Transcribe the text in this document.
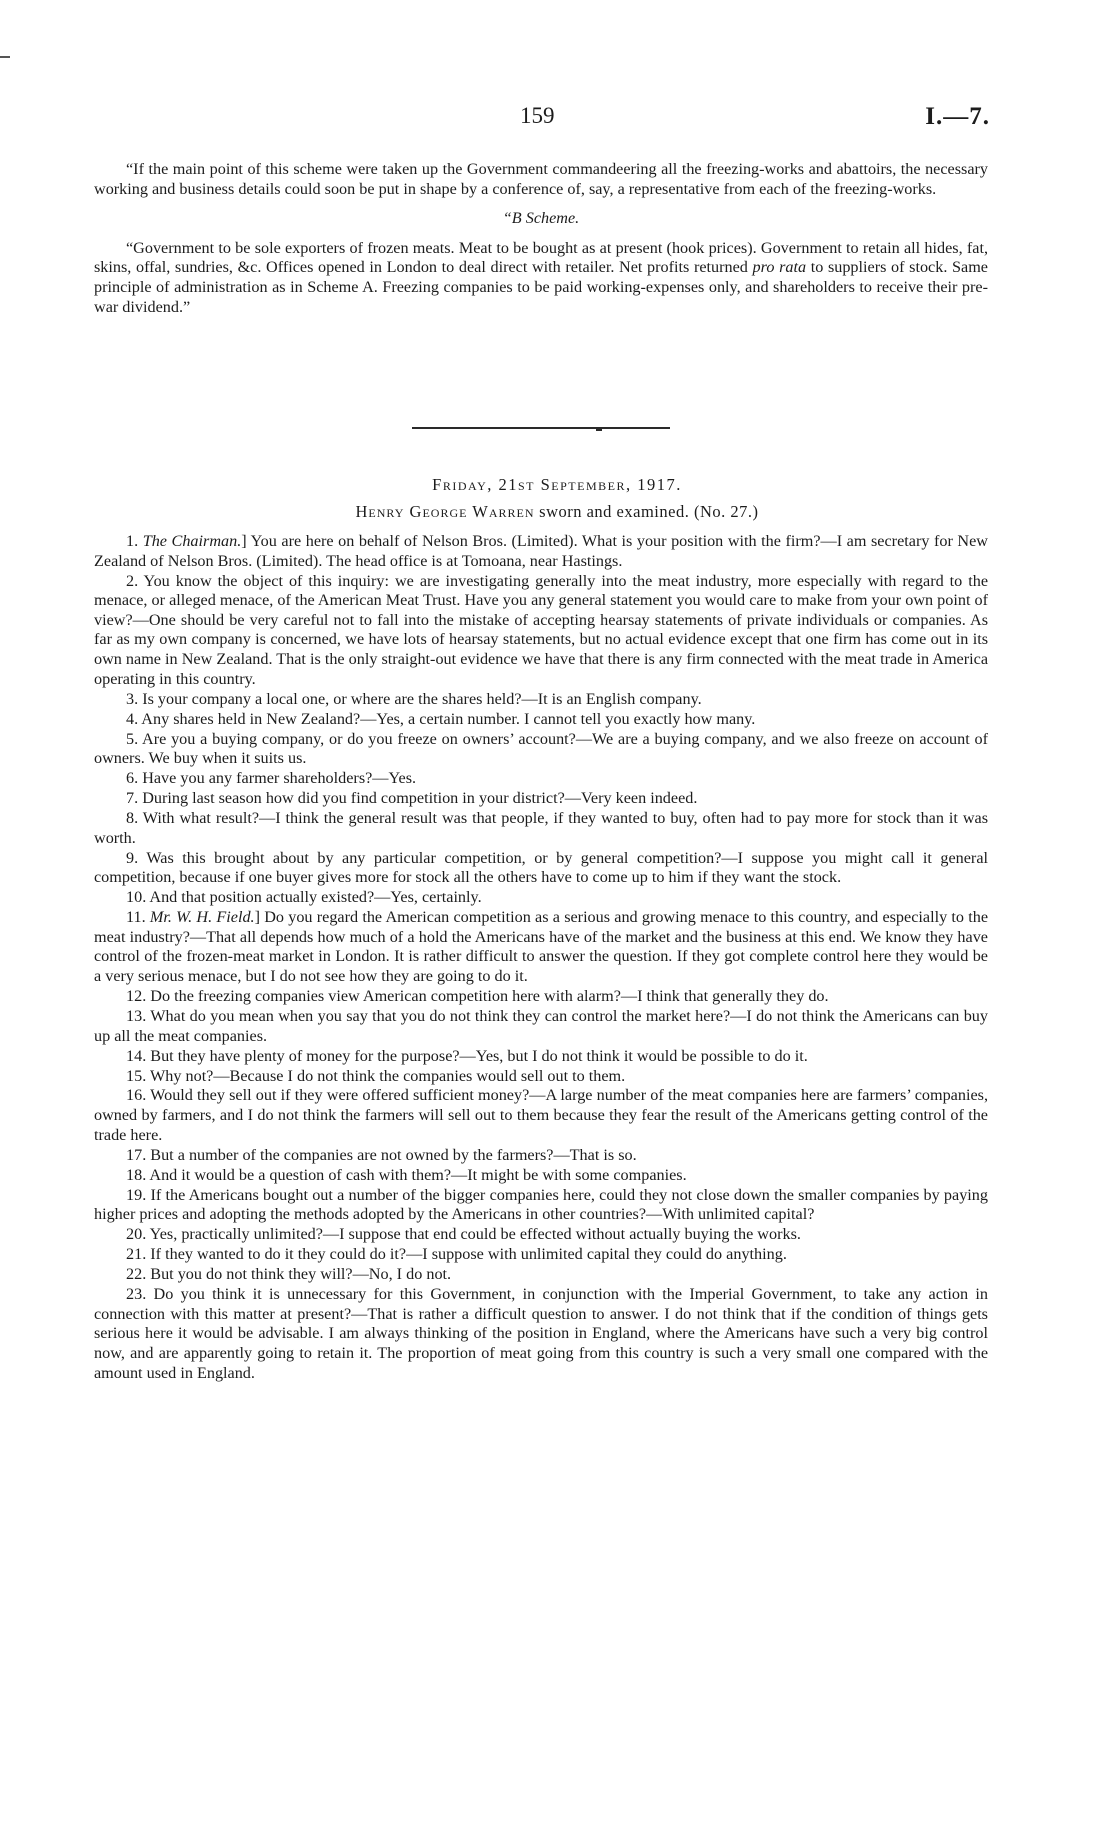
159	I.—7.

“If the main point of this scheme were taken up the Government commandeering all the freezing-works and abattoirs, the necessary working and business details could soon be put in shape by a conference of, say, a representative from each of the freezing-works.

“B Scheme.

“Government to be sole exporters of frozen meats. Meat to be bought as at present (hook prices). Government to retain all hides, fat, skins, offal, sundries, &c. Offices opened in London to deal direct with retailer. Net profits returned pro rata to suppliers of stock. Same principle of administration as in Scheme A. Freezing companies to be paid working-expenses only, and shareholders to receive their pre-war dividend.”

Friday, 21st September, 1917.
Henry George Warren sworn and examined. (No. 27.)

1. The Chairman.] You are here on behalf of Nelson Bros. (Limited). What is your position with the firm?—I am secretary for New Zealand of Nelson Bros. (Limited). The head office is at Tomoana, near Hastings.

2. You know the object of this inquiry: we are investigating generally into the meat industry, more especially with regard to the menace, or alleged menace, of the American Meat Trust. Have you any general statement you would care to make from your own point of view?—One should be very careful not to fall into the mistake of accepting hearsay statements of private individuals or companies. As far as my own company is concerned, we have lots of hearsay statements, but no actual evidence except that one firm has come out in its own name in New Zealand. That is the only straight-out evidence we have that there is any firm connected with the meat trade in America operating in this country.

3. Is your company a local one, or where are the shares held?—It is an English company.

4. Any shares held in New Zealand?—Yes, a certain number. I cannot tell you exactly how many.

5. Are you a buying company, or do you freeze on owners’ account?—We are a buying company, and we also freeze on account of owners. We buy when it suits us.

6. Have you any farmer shareholders?—Yes.

7. During last season how did you find competition in your district?—Very keen indeed.

8. With what result?—I think the general result was that people, if they wanted to buy, often had to pay more for stock than it was worth.

9. Was this brought about by any particular competition, or by general competition?—I suppose you might call it general competition, because if one buyer gives more for stock all the others have to come up to him if they want the stock.

10. And that position actually existed?—Yes, certainly.

11. Mr. W. H. Field.] Do you regard the American competition as a serious and growing menace to this country, and especially to the meat industry?—That all depends how much of a hold the Americans have of the market and the business at this end. We know they have control of the frozen-meat market in London. It is rather difficult to answer the question. If they got complete control here they would be a very serious menace, but I do not see how they are going to do it.

12. Do the freezing companies view American competition here with alarm?—I think that generally they do.

13. What do you mean when you say that you do not think they can control the market here?—I do not think the Americans can buy up all the meat companies.

14. But they have plenty of money for the purpose?—Yes, but I do not think it would be possible to do it.

15. Why not?—Because I do not think the companies would sell out to them.

16. Would they sell out if they were offered sufficient money?—A large number of the meat companies here are farmers’ companies, owned by farmers, and I do not think the farmers will sell out to them because they fear the result of the Americans getting control of the trade here.

17. But a number of the companies are not owned by the farmers?—That is so.

18. And it would be a question of cash with them?—It might be with some companies.

19. If the Americans bought out a number of the bigger companies here, could they not close down the smaller companies by paying higher prices and adopting the methods adopted by the Americans in other countries?—With unlimited capital?

20. Yes, practically unlimited?—I suppose that end could be effected without actually buying the works.

21. If they wanted to do it they could do it?—I suppose with unlimited capital they could do anything.

22. But you do not think they will?—No, I do not.

23. Do you think it is unnecessary for this Government, in conjunction with the Imperial Government, to take any action in connection with this matter at present?—That is rather a difficult question to answer. I do not think that if the condition of things gets serious here it would be advisable. I am always thinking of the position in England, where the Americans have such a very big control now, and are apparently going to retain it. The proportion of meat going from this country is such a very small one compared with the amount used in England.
